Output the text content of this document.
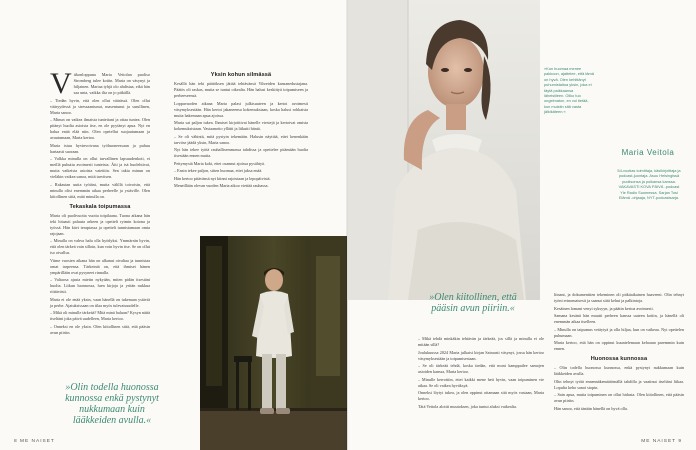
V iikonloppuna Maria Veitolan puoliso Stromberg tulee kotiin. Maria on väsynyt ja hiljainen. Mariaa tyhjä olo ahdistaa, eikä hän saa unta, vaikka ilta on jo pitkällä.

– Tiedän hyvin, että olen ollut väärässä. Olen ollut vääryydessä ja stressaantunut, masentunut ja surullinen, Maria sanoo.

– Minun on vaikea ilmaista tunteitani ja ottaa tuntea. Olen pitänyt huolta asioista itse, en ole pyytänyt apua. Nyt en halua enää elää niin. Olen opetellut suojautumaan ja avautumaan, Maria kertoo.

Maria istuu hyvinvoivana työhuoneessaan ja puhuu hartaasti suoraan.

– Valkka minulla on ollut turvallinen lapsuudenkoti, ei meillä puhuttu avoimesti tunteista. Äiti ja isä huolehtivat, mutta vaikeista asioista vaiettiin. Sen takia minun on vieläkin vaikea sanoa, mitä tarvitsen.

– Rakastan uutta työtäni, mutta välillä toivoisin, että minulla olisi enemmän aikaa perheelle ja ystäville. Olen kiitollinen siitä, mitä minulla on.

Tekaskala toipumassa

Maria oli puolivuotta vuotta toipilaana. Tuona aikana hän teki hitaasti paluuta arkeen ja opetteli rytmin kotona ja työssä. Hän kävi terapiassa ja opetteli tunnistamaan omia rajojaan.

– Minulla on vahva halu olla hyödyksi. Ymmärrän hyvin, että olen tärkeä vain silloin, kun voin hyvin itse. Se on ollut iso oivallus.

Viime vuosien aikana hän on alkanut oivaltaa ja tunnistaa omat tarpeensa. Tärkeintä on, että ihmiset hänen ympärillään ovat pysyneet rinnalla.

– Valtaosa ajasta mietin nykyään, miten pidän itsestäni huolta. Liikun luonnossa, luen kirjoja ja yritän nukkua riittävästi.

Maria ei ole enää yksin, vaan hänellä on tukenaan ystäviä ja perhe. Ajatuksissaan on tilaa myös tulevaisuudelle.

– Mikä oli minulle tärkeää? Mitä minä haluan? Kysyn näitä itseltäni joka päivä uudelleen, Maria kertoo.

– Onneksi en ole yksin. Olen kiitollinen siitä, että pääsin avun piiriin.

Yksin kohun silmässä

Kesällä hän teki päätöksen jättää tehtävänsä Vihreiden kansanedustajana. Päätös oli raskas, mutta se tuntui oikealta. Hän halusi keskittyä toipumiseen ja perheeseensä.

Loppuvuoden aikana Maria palasi julkisuuteen ja kertoi avoimesti väsymyksestään. Hän kertoi jakaneensa kokemuksiaan, koska halusi rohkaista muita hakemaan apua ajoissa.

Maria sai paljon tukea. Ihmiset kirjoittivat hänelle viestejä ja kertoivat omista kokemuksistaan. Vastaanotto yllätti ja liikutti häntä.

– Se oli vähintä, mitä pystyin tekemään. Halusin näyttää, ettei kenenkään tarvitse jäädä yksin, Maria sanoo.

Nyt hän tekee työtä rauhallisemmassa tahdissa ja opettelee pitämään huolta itsestään ennen muita.

Pettymystä Maria koki, ettei osannut ajoissa pysähtyä.

– Ensin tekee paljon, sitten huomaa, ettei jaksa enää.

Hän kertoo pitävänsä nyt kiinni rajoistaan ja lepopäivistä.

Meneillään olevan vuoden Maria aikoo viettää rauhassa.

»Olin todella huonossa kunnossa enkä pystynyt nukkumaan kuin lääkkeiden avulla.«
8 ME NAISET
»Kun huomaa menee pakkoon, ajattelee, että tämä on hyvä. Olen kehittänyt puhumistaitoa yksin, joka ei täytä paikkaansa läheisilleen. Oliko tuo ongelmaton, en voi tietää, kun muistin sitä vasta jälkikäteen.«
Maria Veitola
54-vuotias toimittaja, käsikirjoittaja ja podcast-juontaja. Asuu Helsingissä puolisonsa ja poikansa kanssa. VAKAVASTI KOVA PÄIVÄ -podcast Yle Radio Suomessa. Sarjan Tosi Elämä -ohjaaja, NYT-podcastsarja.
»Olen kiitollinen, että pääsin avun piiriin.«

– Mikä tehdä minkäkin tehtävän ja tärkeää, jos sillä ja minulla ei ole mitään sillä?

Joulukuussa 2024 Maria julkaisi kirjan Sairaasti väsynyt, jossa hän kertoo väsymyksestään ja toipumisestaan.

– Se oli tärkeää tehdä, koska tiedän, että moni kamppailee samojen asioiden kanssa, Maria kertoo.

– Minulle kerrottiin, ettei kaikki mene heti hyvin, vaan toipuminen vie aikaa. Se oli vaikea hyväksyä.

Onneksi löytyi tukea, ja olen oppinut ottamaan sitä myös vastaan, Maria kertoo.

Tätä Veitola aloitti muutoksen, joka tuntui aluksi vaikealta.

liinani, ja dokumenttien tekeminen oli pitkäaikainen haaveeni. Olin tehnyt työni erinomaisesti ja saanut siitä kehut ja palkintoja.

Kesäinen lomani venyi syksyyn, ja päätin kertoa avoimesti.

Samana kesänä hän muutti perheen kanssa uuteen kotiin, ja hänellä oli enemmän aikaa itselleen.

– Minulla on taipumus vetäytyä ja olla hiljaa, kun on vaikeaa. Nyt opettelen puhumaan.

Maria kertoo, että hän on oppinut kuuntelemaan kehoaan paremmin kuin ennen.

Huonossa kunnossa

– Olin todella huonossa kunnossa, enkä pystynyt nukkumaan kuin lääkkeiden avulla.

Olin tehnyt työtä ennennäkemättömällä tahdilla ja vaatinut itseltäni liikaa. Lopulta keho sanoi stopin.

– Sain apua, mutta toipuminen on ollut hidasta. Olen kiitollinen, että pääsin avun piiriin.

Hän sanoo, että tänään hänellä on hyvä olla.

ME NAISET 9
